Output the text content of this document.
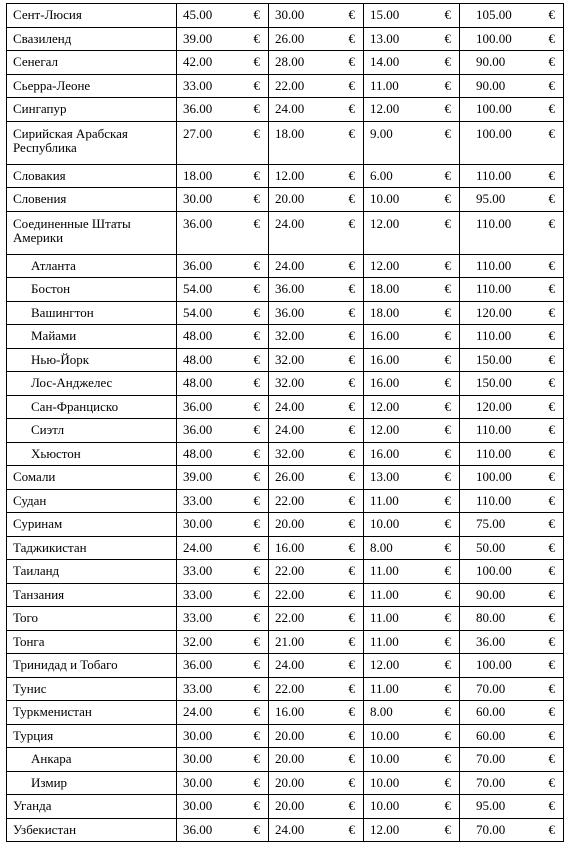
Сент-Люсия	45.00	€	30.00	€	15.00	€	105.00	€
Свазиленд	39.00	€	26.00	€	13.00	€	100.00	€
Сенегал	42.00	€	28.00	€	14.00	€	90.00	€
Сьерра-Леоне	33.00	€	22.00	€	11.00	€	90.00	€
Сингапур	36.00	€	24.00	€	12.00	€	100.00	€
Сирийская Арабская Республика	27.00	€	18.00	€	9.00	€	100.00	€
Словакия	18.00	€	12.00	€	6.00	€	110.00	€
Словения	30.00	€	20.00	€	10.00	€	95.00	€
Соединенные Штаты Америки	36.00	€	24.00	€	12.00	€	110.00	€
Атланта	36.00	€	24.00	€	12.00	€	110.00	€
Бостон	54.00	€	36.00	€	18.00	€	110.00	€
Вашингтон	54.00	€	36.00	€	18.00	€	120.00	€
Майами	48.00	€	32.00	€	16.00	€	110.00	€
Нью-Йорк	48.00	€	32.00	€	16.00	€	150.00	€
Лос-Анджелес	48.00	€	32.00	€	16.00	€	150.00	€
Сан-Франциско	36.00	€	24.00	€	12.00	€	120.00	€
Сиэтл	36.00	€	24.00	€	12.00	€	110.00	€
Хьюстон	48.00	€	32.00	€	16.00	€	110.00	€
Сомали	39.00	€	26.00	€	13.00	€	100.00	€
Судан	33.00	€	22.00	€	11.00	€	110.00	€
Суринам	30.00	€	20.00	€	10.00	€	75.00	€
Таджикистан	24.00	€	16.00	€	8.00	€	50.00	€
Таиланд	33.00	€	22.00	€	11.00	€	100.00	€
Танзания	33.00	€	22.00	€	11.00	€	90.00	€
Того	33.00	€	22.00	€	11.00	€	80.00	€
Тонга	32.00	€	21.00	€	11.00	€	36.00	€
Тринидад и Тобаго	36.00	€	24.00	€	12.00	€	100.00	€
Тунис	33.00	€	22.00	€	11.00	€	70.00	€
Туркменистан	24.00	€	16.00	€	8.00	€	60.00	€
Турция	30.00	€	20.00	€	10.00	€	60.00	€
Анкара	30.00	€	20.00	€	10.00	€	70.00	€
Измир	30.00	€	20.00	€	10.00	€	70.00	€
Уганда	30.00	€	20.00	€	10.00	€	95.00	€
Узбекистан	36.00	€	24.00	€	12.00	€	70.00	€
